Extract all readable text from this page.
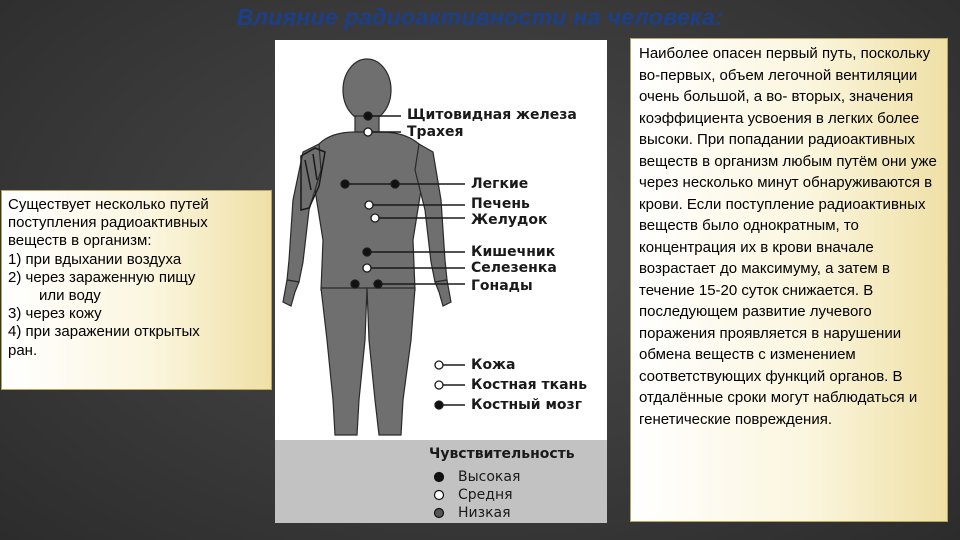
Влияние радиоактивности на человека:
Существует несколько путей
поступления радиоактивных
веществ в организм:
1) при вдыхании воздуха
2) через зараженную пищу
или воду
3) через кожу
4) при заражении открытых
ран.
Щитовидная железа
Трахея
Легкие
Печень
Желудок
Кишечник
Селезенка
Гонады
Кожа
Костная ткань
Костный мозг
Чувствительность
Высокая
Средня
Низкая
Наиболее опасен первый путь, поскольку во-первых, объем легочной вентиляции очень большой, а во- вторых, значения коэффициента усвоения в легких более высоки. При попадании радиоактивных веществ в организм любым путём они уже через несколько минут обнаруживаются в крови. Если поступление радиоактивных веществ было однократным, то концентрация их в крови вначале возрастает до максимуму, а затем в течение 15-20 суток снижается. В последующем развитие лучевого поражения проявляется в нарушении обмена веществ с изменением соответствующих функций органов. В отдалённые сроки могут наблюдаться и генетические повреждения.
